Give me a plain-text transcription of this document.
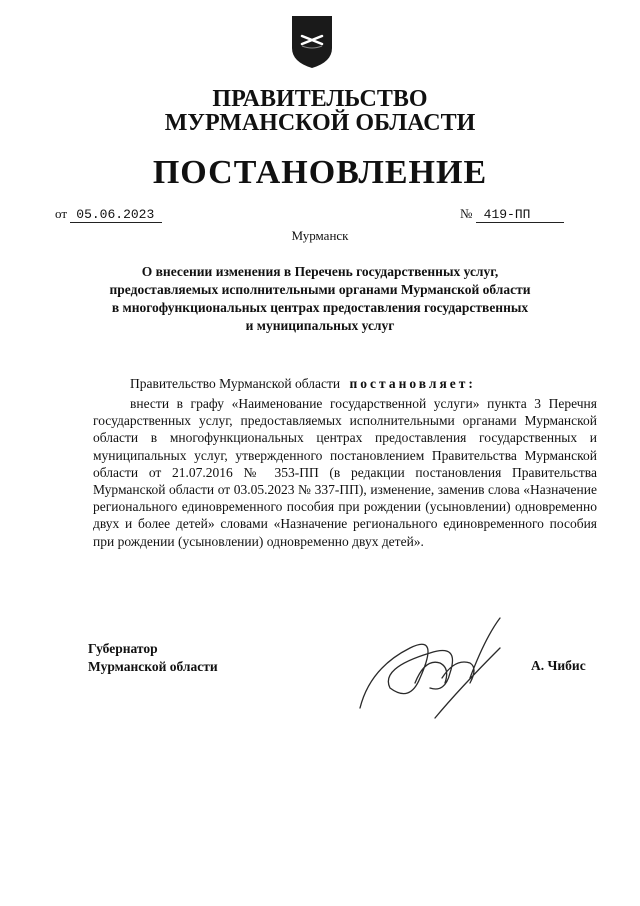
ПРАВИТЕЛЬСТВО
МУРМАНСКОЙ ОБЛАСТИ
ПОСТАНОВЛЕНИЕ
от 05.06.2023	№ 419-ПП
Мурманск
О внесении изменения в Перечень государственных услуг,
предоставляемых исполнительными органами Мурманской области
в многофункциональных центрах предоставления государственных
и муниципальных услуг
Правительство Мурманской области постановляет:

внести в графу «Наименование государственной услуги» пункта 3 Перечня государственных услуг, предоставляемых исполнительными органами Мурманской области в многофункциональных центрах предоставления государственных и муниципальных услуг, утвержденного постановлением Правительства Мурманской области от 21.07.2016 № 353-ПП (в редакции постановления Правительства Мурманской области от 03.05.2023 № 337-ПП), изменение, заменив слова «Назначение регионального единовременного пособия при рождении (усыновлении) одновременно двух и более детей» словами «Назначение регионального единовременного пособия при рождении (усыновлении) одновременно двух детей».

Губернатор
Мурманской области	А. Чибис
